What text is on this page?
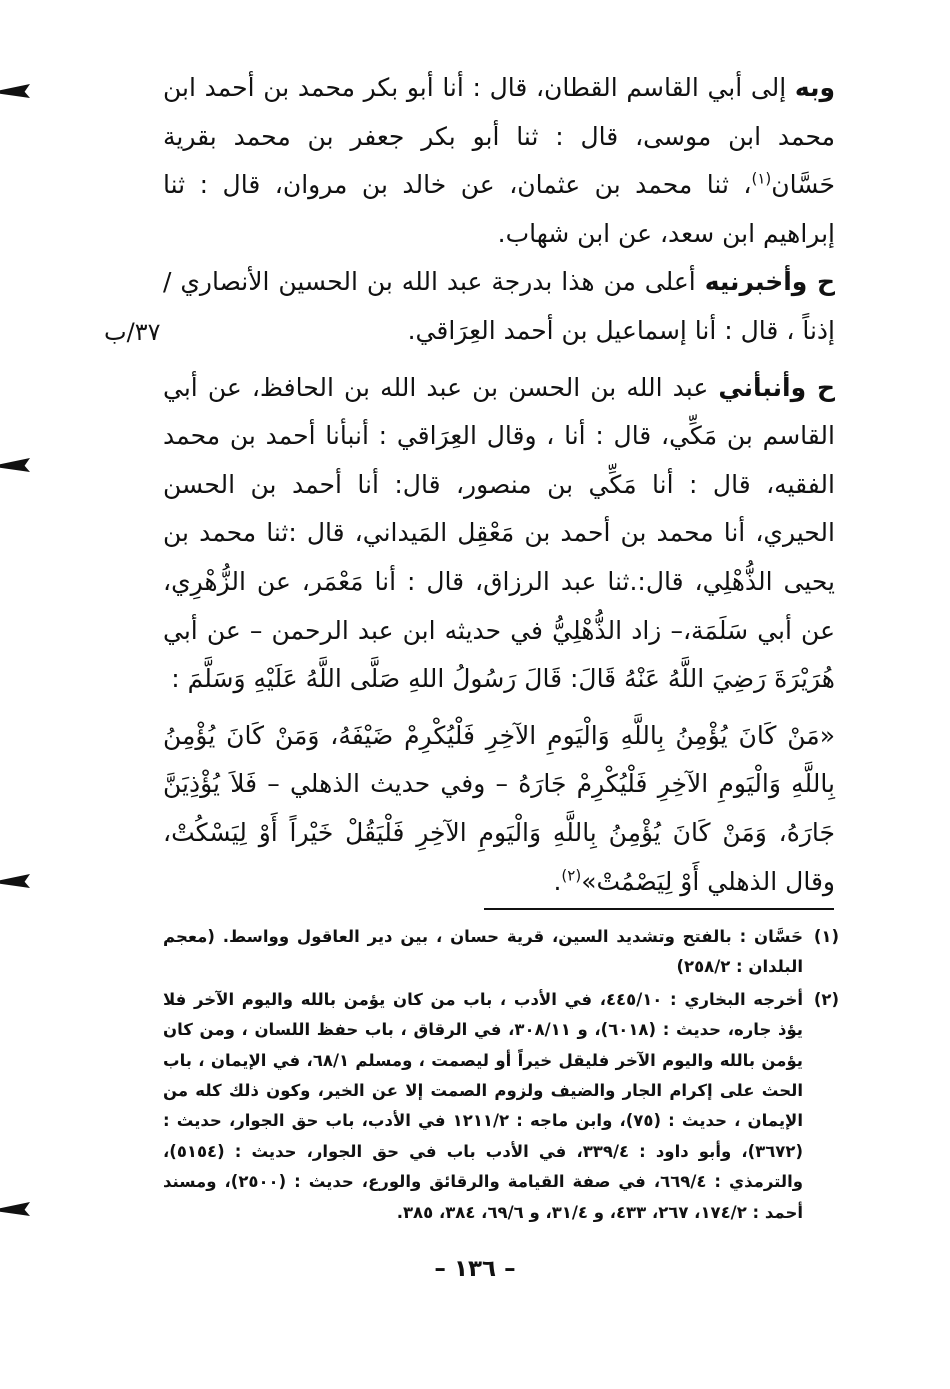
وبه إلى أبي القاسم القطان، قال : أنا أبو بكر محمد بن أحمد ابن محمد ابن موسى، قال : ثنا أبو بكر جعفر بن محمد بقرية حَسَّان$^{(١)}$، ثنا محمد بن عثمان، عن خالد بن مروان، قال : ثنا إبراهيم ابن سعد، عن ابن شهاب.

ح وأخبرنيه أعلى من هذا بدرجة عبد الله بن الحسين الأنصاري / إذناً ، قال : أنا إسماعيل بن أحمد العِرَاقي.

ح وأنبأني عبد الله بن الحسن بن عبد الله بن الحافظ، عن أبي القاسم بن مَكِّي، قال : أنا ، وقال العِرَاقي : أنبأنا أحمد بن محمد الفقيه، قال : أنا مَكِّي بن منصور، قال: أنا أحمد بن الحسن الحيري، أنا محمد بن أحمد بن مَعْقِل المَيداني، قال :ثنا محمد بن يحيى الذُّهْلِي، قال:.ثنا عبد الرزاق، قال : أنا مَعْمَر، عن الزُّهْرِي، عن أبي سَلَمَة،– زاد الذُّهْلِيُّ في حديثه ابن عبد الرحمن – عن أبي هُرَيْرَةَ رَضِيَ اللَّهُ عَنْهُ قَالَ: قَالَ رَسُولُ اللهِ صَلَّى اللَّهُ عَلَيْهِ وَسَلَّمَ :

«مَنْ كَانَ يُؤْمِنُ بِاللَّهِ وَالْيَومِ الآخِرِ فَلْيُكْرِمْ ضَيْفَهُ، وَمَنْ كَانَ يُؤْمِنُ بِاللَّهِ وَالْيَومِ الآخِرِ فَلْيُكْرِمْ جَارَهُ – وفي حديث الذهلي – فَلاَ يُؤْذِيَنَّ جَارَهُ، وَمَنْ كَانَ يُؤْمِنُ بِاللَّهِ وَالْيَومِ الآخِرِ فَلْيَقُلْ خَيْراً أَوْ لِيَسْكُتْ، وقال الذهلي أَوْ لِيَصْمُتْ»$^{(٢)}$.

٣٧/ب
(١)
حَسَّان : بالفتح وتشديد السين، قرية حسان ، بين دير العاقول وواسط. (معجم البلدان : ٢٥٨/٢)
(٢)
أخرجه البخاري : ٤٤٥/١٠، في الأدب ، باب من كان يؤمن بالله واليوم الآخر فلا يؤذ جاره، حديث : (٦٠١٨)، و ٣٠٨/١١، في الرقاق ، باب حفظ اللسان ، ومن كان يؤمن بالله واليوم الآخر فليقل خيراً أو ليصمت ، ومسلم ٦٨/١، في الإيمان ، باب الحث على إكرام الجار والضيف ولزوم الصمت إلا عن الخير، وكون ذلك كله من الإيمان ، حديث : (٧٥)، وابن ماجه : ١٢١١/٢ في الأدب، باب حق الجوار، حديث : (٣٦٧٢)، وأبو داود : ٣٣٩/٤، في الأدب باب في حق الجوار، حديث : (٥١٥٤)، والترمذي : ٦٦٩/٤، في صفة القيامة والرقائق والورع، حديث : (٢٥٠٠)، ومسند أحمد : ١٧٤/٢، ٢٦٧، ٤٣٣، و ٣١/٤، و ٦٩/٦، ٣٨٤، ٣٨٥.
– ١٣٦ –
